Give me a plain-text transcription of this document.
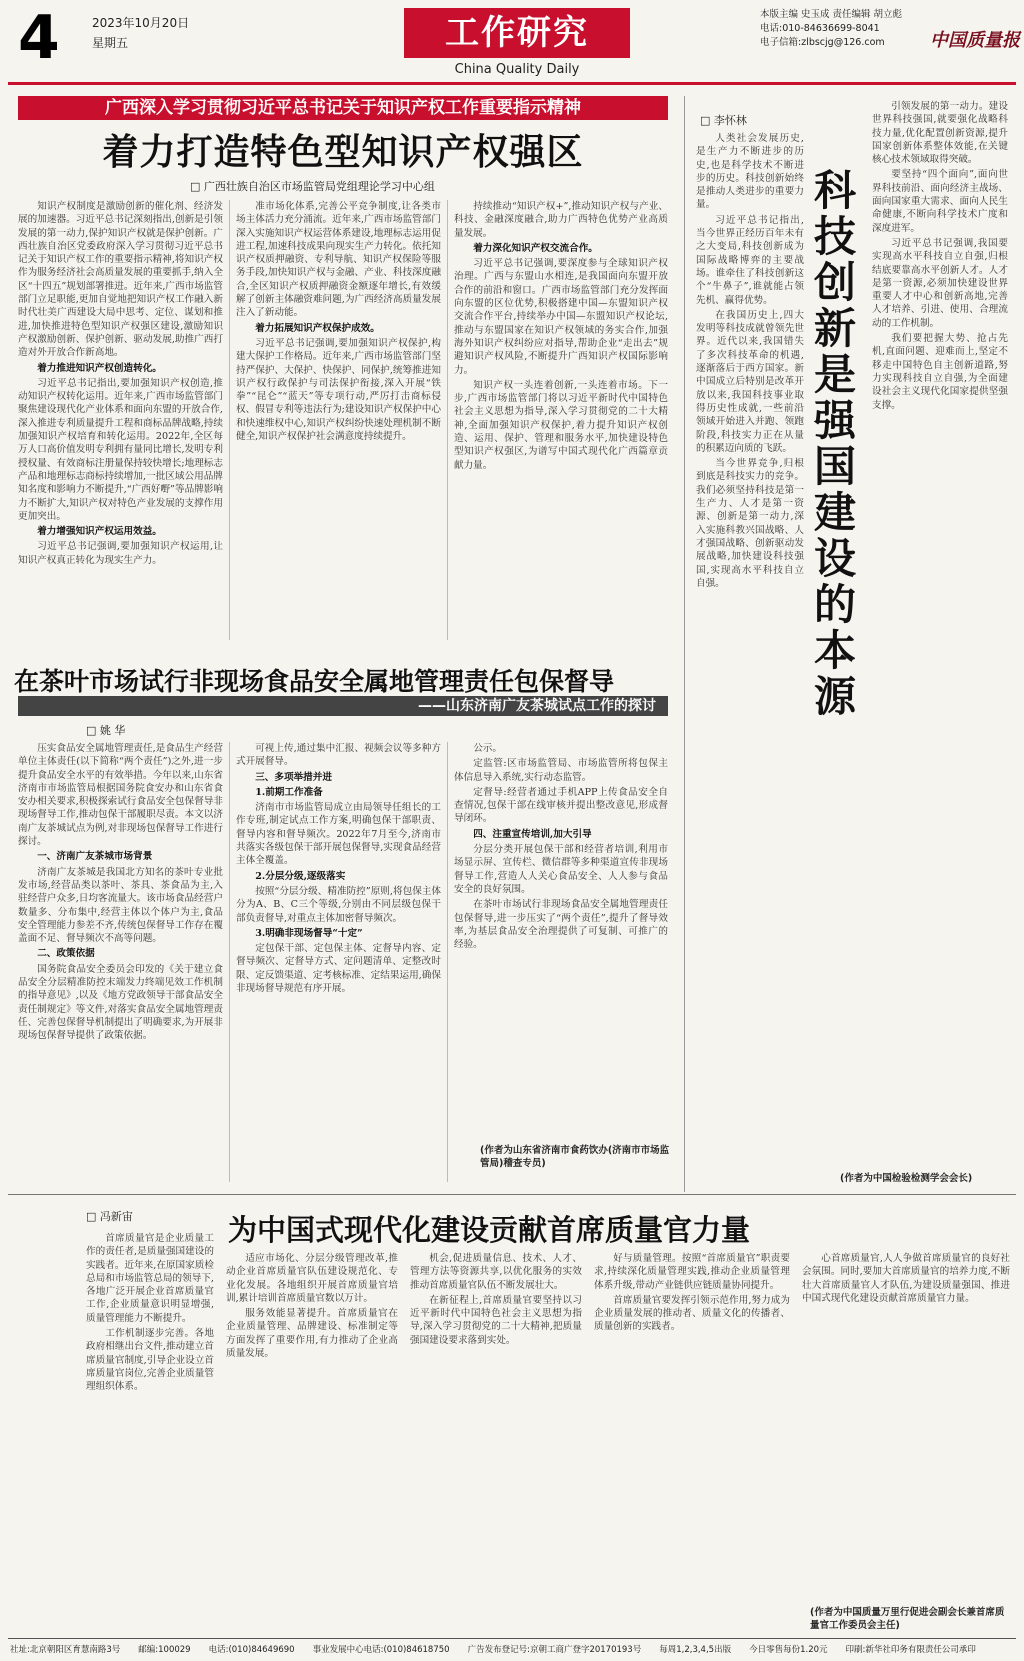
4	2023年10月20日
星期五	工作研究
China Quality Daily
本版主编 史玉成 责任编辑 胡立彪
电话:010-84636699-8041
电子信箱:zlbscjg@126.com	中国质量报
广西深入学习贯彻习近平总书记关于知识产权工作重要指示精神
着力打造特色型知识产权强区
□ 广西壮族自治区市场监管局党组理论学习中心组

知识产权制度是激励创新的催化剂、经济发展的加速器。习近平总书记深刻指出,创新是引领发展的第一动力,保护知识产权就是保护创新。广西壮族自治区党委政府深入学习贯彻习近平总书记关于知识产权工作的重要指示精神,将知识产权作为服务经济社会高质量发展的重要抓手,纳入全区“十四五”规划部署推进。近年来,广西市场监管部门立足职能,更加自觉地把知识产权工作融入新时代壮美广西建设大局中思考、定位、谋划和推进,加快推进特色型知识产权强区建设,激励知识产权激励创新、保护创新、驱动发展,助推广西打造对外开放合作新高地。

着力推进知识产权创造转化。

习近平总书记指出,要加强知识产权创造,推动知识产权转化运用。近年来,广西市场监管部门聚焦建设现代化产业体系和面向东盟的开放合作,深入推进专利质量提升工程和商标品牌战略,持续加强知识产权培育和转化运用。2022年,全区每万人口高价值发明专利拥有量同比增长,发明专利授权量、有效商标注册量保持较快增长;地理标志产品和地理标志商标持续增加,一批区域公用品牌知名度和影响力不断提升,“广西好嘢”等品牌影响力不断扩大,知识产权对特色产业发展的支撑作用更加突出。

着力增强知识产权运用效益。

习近平总书记强调,要加强知识产权运用,让知识产权真正转化为现实生产力。

准市场化体系,完善公平竞争制度,让各类市场主体活力充分涌流。近年来,广西市场监管部门深入实施知识产权运营体系建设,地理标志运用促进工程,加速科技成果向现实生产力转化。依托知识产权质押融资、专利导航、知识产权保险等服务手段,加快知识产权与金融、产业、科技深度融合,全区知识产权质押融资金额逐年增长,有效缓解了创新主体融资难问题,为广西经济高质量发展注入了新动能。

着力拓展知识产权保护成效。

习近平总书记强调,要加强知识产权保护,构建大保护工作格局。近年来,广西市场监管部门坚持严保护、大保护、快保护、同保护,统筹推进知识产权行政保护与司法保护衔接,深入开展“铁拳”“昆仑”“蓝天”等专项行动,严厉打击商标侵权、假冒专利等违法行为;建设知识产权保护中心和快速维权中心,知识产权纠纷快速处理机制不断健全,知识产权保护社会满意度持续提升。

持续推动“知识产权+”,推动知识产权与产业、科技、金融深度融合,助力广西特色优势产业高质量发展。

着力深化知识产权交流合作。

习近平总书记强调,要深度参与全球知识产权治理。广西与东盟山水相连,是我国面向东盟开放合作的前沿和窗口。广西市场监管部门充分发挥面向东盟的区位优势,积极搭建中国—东盟知识产权交流合作平台,持续举办中国—东盟知识产权论坛,推动与东盟国家在知识产权领域的务实合作,加强海外知识产权纠纷应对指导,帮助企业“走出去”规避知识产权风险,不断提升广西知识产权国际影响力。

知识产权一头连着创新,一头连着市场。下一步,广西市场监管部门将以习近平新时代中国特色社会主义思想为指导,深入学习贯彻党的二十大精神,全面加强知识产权保护,着力提升知识产权创造、运用、保护、管理和服务水平,加快建设特色型知识产权强区,为谱写中国式现代化广西篇章贡献力量。

在茶叶市场试行非现场食品安全属地管理责任包保督导
——山东济南广友茶城试点工作的探讨
□ 姚 华

压实食品安全属地管理责任,是食品生产经营单位主体责任(以下简称“两个责任”)之外,进一步提升食品安全水平的有效举措。今年以来,山东省济南市市场监管局根据国务院食安办和山东省食安办相关要求,积极探索试行食品安全包保督导非现场督导工作,推动包保干部履职尽责。本文以济南广友茶城试点为例,对非现场包保督导工作进行探讨。

一、济南广友茶城市场背景

济南广友茶城是我国北方知名的茶叶专业批发市场,经营品类以茶叶、茶具、茶食品为主,入驻经营户众多,日均客流量大。该市场食品经营户数量多、分布集中,经营主体以个体户为主,食品安全管理能力参差不齐,传统包保督导工作存在覆盖面不足、督导频次不高等问题。

二、政策依据

国务院食品安全委员会印发的《关于建立食品安全分层精准防控末端发力终端见效工作机制的指导意见》,以及《地方党政领导干部食品安全责任制规定》等文件,对落实食品安全属地管理责任、完善包保督导机制提出了明确要求,为开展非现场包保督导提供了政策依据。

可视上传,通过集中汇报、视频会议等多种方式开展督导。

三、多项举措并进

1.前期工作准备

济南市市场监管局成立由局领导任组长的工作专班,制定试点工作方案,明确包保干部职责、督导内容和督导频次。2022年7月至今,济南市共落实各级包保干部开展包保督导,实现食品经营主体全覆盖。

2.分层分级,逐级落实

按照“分层分级、精准防控”原则,将包保主体分为A、B、C三个等级,分别由不同层级包保干部负责督导,对重点主体加密督导频次。

3.明确非现场督导“十定”

定包保干部、定包保主体、定督导内容、定督导频次、定督导方式、定问题清单、定整改时限、定反馈渠道、定考核标准、定结果运用,确保非现场督导规范有序开展。

公示。

定监管:区市场监管局、市场监管所将包保主体信息导入系统,实行动态监管。

定督导:经营者通过手机APP上传食品安全自查情况,包保干部在线审核并提出整改意见,形成督导闭环。

四、注重宣传培训,加大引导

分层分类开展包保干部和经营者培训,利用市场显示屏、宣传栏、微信群等多种渠道宣传非现场督导工作,营造人人关心食品安全、人人参与食品安全的良好氛围。

在茶叶市场试行非现场食品安全属地管理责任包保督导,进一步压实了“两个责任”,提升了督导效率,为基层食品安全治理提供了可复制、可推广的经验。

(作者为山东省济南市食药饮办(济南市市场监管局)稽查专员)
□ 李怀林

人类社会发展历史,是生产力不断进步的历史,也是科学技术不断进步的历史。科技创新始终是推动人类进步的重要力量。

习近平总书记指出,当今世界正经历百年未有之大变局,科技创新成为国际战略博弈的主要战场。谁牵住了科技创新这个“牛鼻子”,谁就能占领先机、赢得优势。

在我国历史上,四大发明等科技成就曾领先世界。近代以来,我国错失了多次科技革命的机遇,逐渐落后于西方国家。新中国成立后特别是改革开放以来,我国科技事业取得历史性成就,一些前沿领域开始进入并跑、领跑阶段,科技实力正在从量的积累迈向质的飞跃。

当今世界竞争,归根到底是科技实力的竞争。我们必须坚持科技是第一生产力、人才是第一资源、创新是第一动力,深入实施科教兴国战略、人才强国战略、创新驱动发展战略,加快建设科技强国,实现高水平科技自立自强。	科技创新是强国建设的本源

引领发展的第一动力。建设世界科技强国,就要强化战略科技力量,优化配置创新资源,提升国家创新体系整体效能,在关键核心技术领域取得突破。

要坚持“四个面向”,面向世界科技前沿、面向经济主战场、面向国家重大需求、面向人民生命健康,不断向科学技术广度和深度进军。

习近平总书记强调,我国要实现高水平科技自立自强,归根结底要靠高水平创新人才。人才是第一资源,必须加快建设世界重要人才中心和创新高地,完善人才培养、引进、使用、合理流动的工作机制。

我们要把握大势、抢占先机,直面问题、迎难而上,坚定不移走中国特色自主创新道路,努力实现科技自立自强,为全面建设社会主义现代化国家提供坚强支撑。

(作者为中国检验检测学会会长)
□ 冯新宙	为中国式现代化建设贡献首席质量官力量

首席质量官是企业质量工作的责任者,是质量强国建设的实践者。近年来,在原国家质检总局和市场监管总局的领导下,各地广泛开展企业首席质量官工作,企业质量意识明显增强,质量管理能力不断提升。

工作机制逐步完善。各地政府相继出台文件,推动建立首席质量官制度,引导企业设立首席质量官岗位,完善企业质量管理组织体系。

适应市场化、分层分级管理改革,推动企业首席质量官队伍建设规范化、专业化发展。各地组织开展首席质量官培训,累计培训首席质量官数以万计。

服务效能显著提升。首席质量官在企业质量管理、品牌建设、标准制定等方面发挥了重要作用,有力推动了企业高质量发展。

机会,促进质量信息、技术、人才、管理方法等资源共享,以优化服务的实效推动首席质量官队伍不断发展壮大。

在新征程上,首席质量官要坚持以习近平新时代中国特色社会主义思想为指导,深入学习贯彻党的二十大精神,把质量强国建设要求落到实处。

好与质量管理。按照“首席质量官”职责要求,持续深化质量管理实践,推动企业质量管理体系升级,带动产业链供应链质量协同提升。

首席质量官要发挥引领示范作用,努力成为企业质量发展的推动者、质量文化的传播者、质量创新的实践者。

心首席质量官,人人争做首席质量官的良好社会氛围。同时,要加大首席质量官的培养力度,不断壮大首席质量官人才队伍,为建设质量强国、推进中国式现代化建设贡献首席质量官力量。

(作者为中国质量万里行促进会副会长兼首席质量官工作委员会主任)
社址:北京朝阳区育慧南路3号 邮编:100029 电话:(010)84649690 事业发展中心电话:(010)84618750 广告发布登记号:京朝工商广登字20170193号 每周1,2,3,4,5出版 今日零售每份1.20元 印刷:新华社印务有限责任公司承印
